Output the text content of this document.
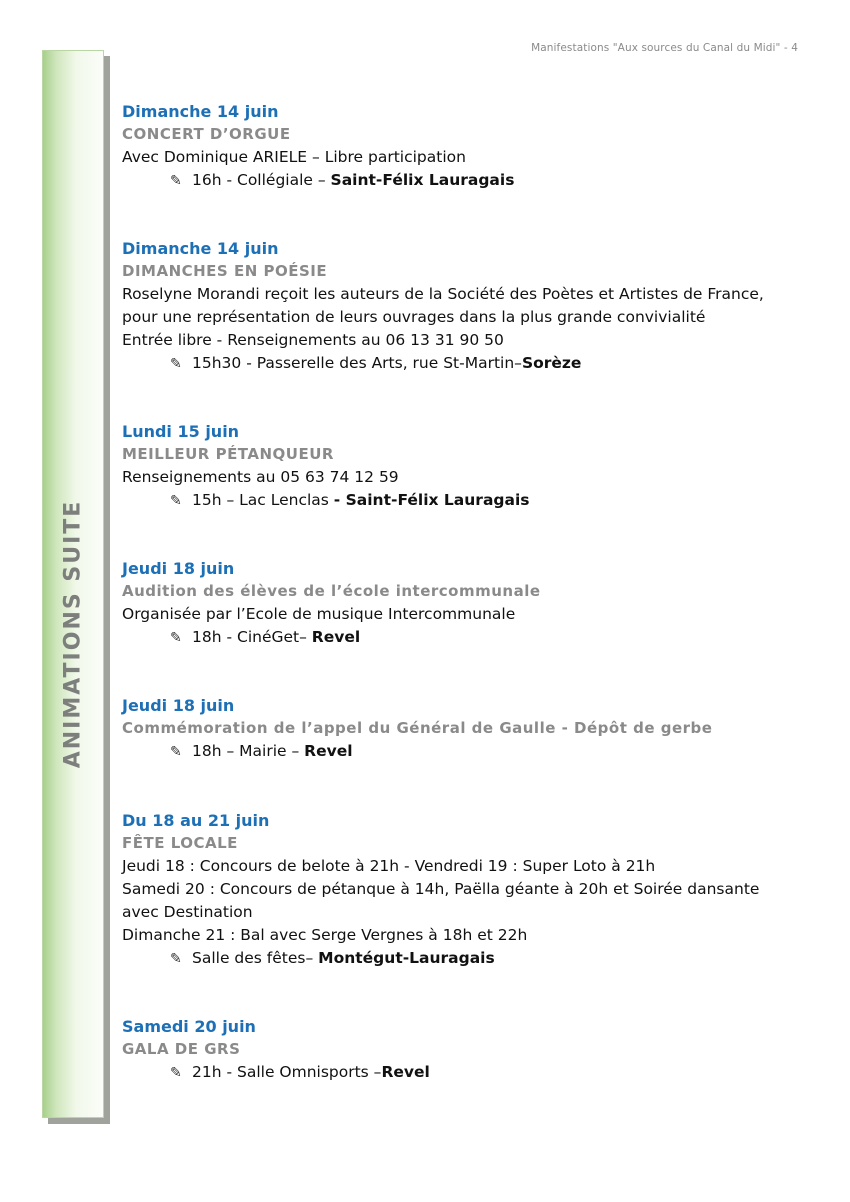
Manifestations "Aux sources du Canal du Midi" - 4
ANIMATIONS SUITE
Dimanche 14 juin
CONCERT D’ORGUE
Avec Dominique ARIELE – Libre participation
✎ 16h - Collégiale – Saint-Félix Lauragais
Dimanche 14 juin
DIMANCHES EN POÉSIE
Roselyne Morandi reçoit les auteurs de la Société des Poètes et Artistes de France,
pour une représentation de leurs ouvrages dans la plus grande convivialité
Entrée libre - Renseignements au 06 13 31 90 50
✎ 15h30 - Passerelle des Arts, rue St-Martin–Sorèze
Lundi 15 juin
MEILLEUR PÉTANQUEUR
Renseignements au 05 63 74 12 59
✎ 15h – Lac Lenclas - Saint-Félix Lauragais
Jeudi 18 juin
Audition des élèves de l’école intercommunale
Organisée par l’Ecole de musique Intercommunale
✎ 18h - CinéGet– Revel
Jeudi 18 juin
Commémoration de l’appel du Général de Gaulle - Dépôt de gerbe
✎ 18h – Mairie – Revel
Du 18 au 21 juin
FÊTE LOCALE
Jeudi 18 : Concours de belote à 21h - Vendredi 19 : Super Loto à 21h
Samedi 20 : Concours de pétanque à 14h, Paëlla géante à 20h et Soirée dansante
avec Destination
Dimanche 21 : Bal avec Serge Vergnes à 18h et 22h
✎ Salle des fêtes– Montégut-Lauragais
Samedi 20 juin
GALA DE GRS
✎ 21h - Salle Omnisports –Revel
